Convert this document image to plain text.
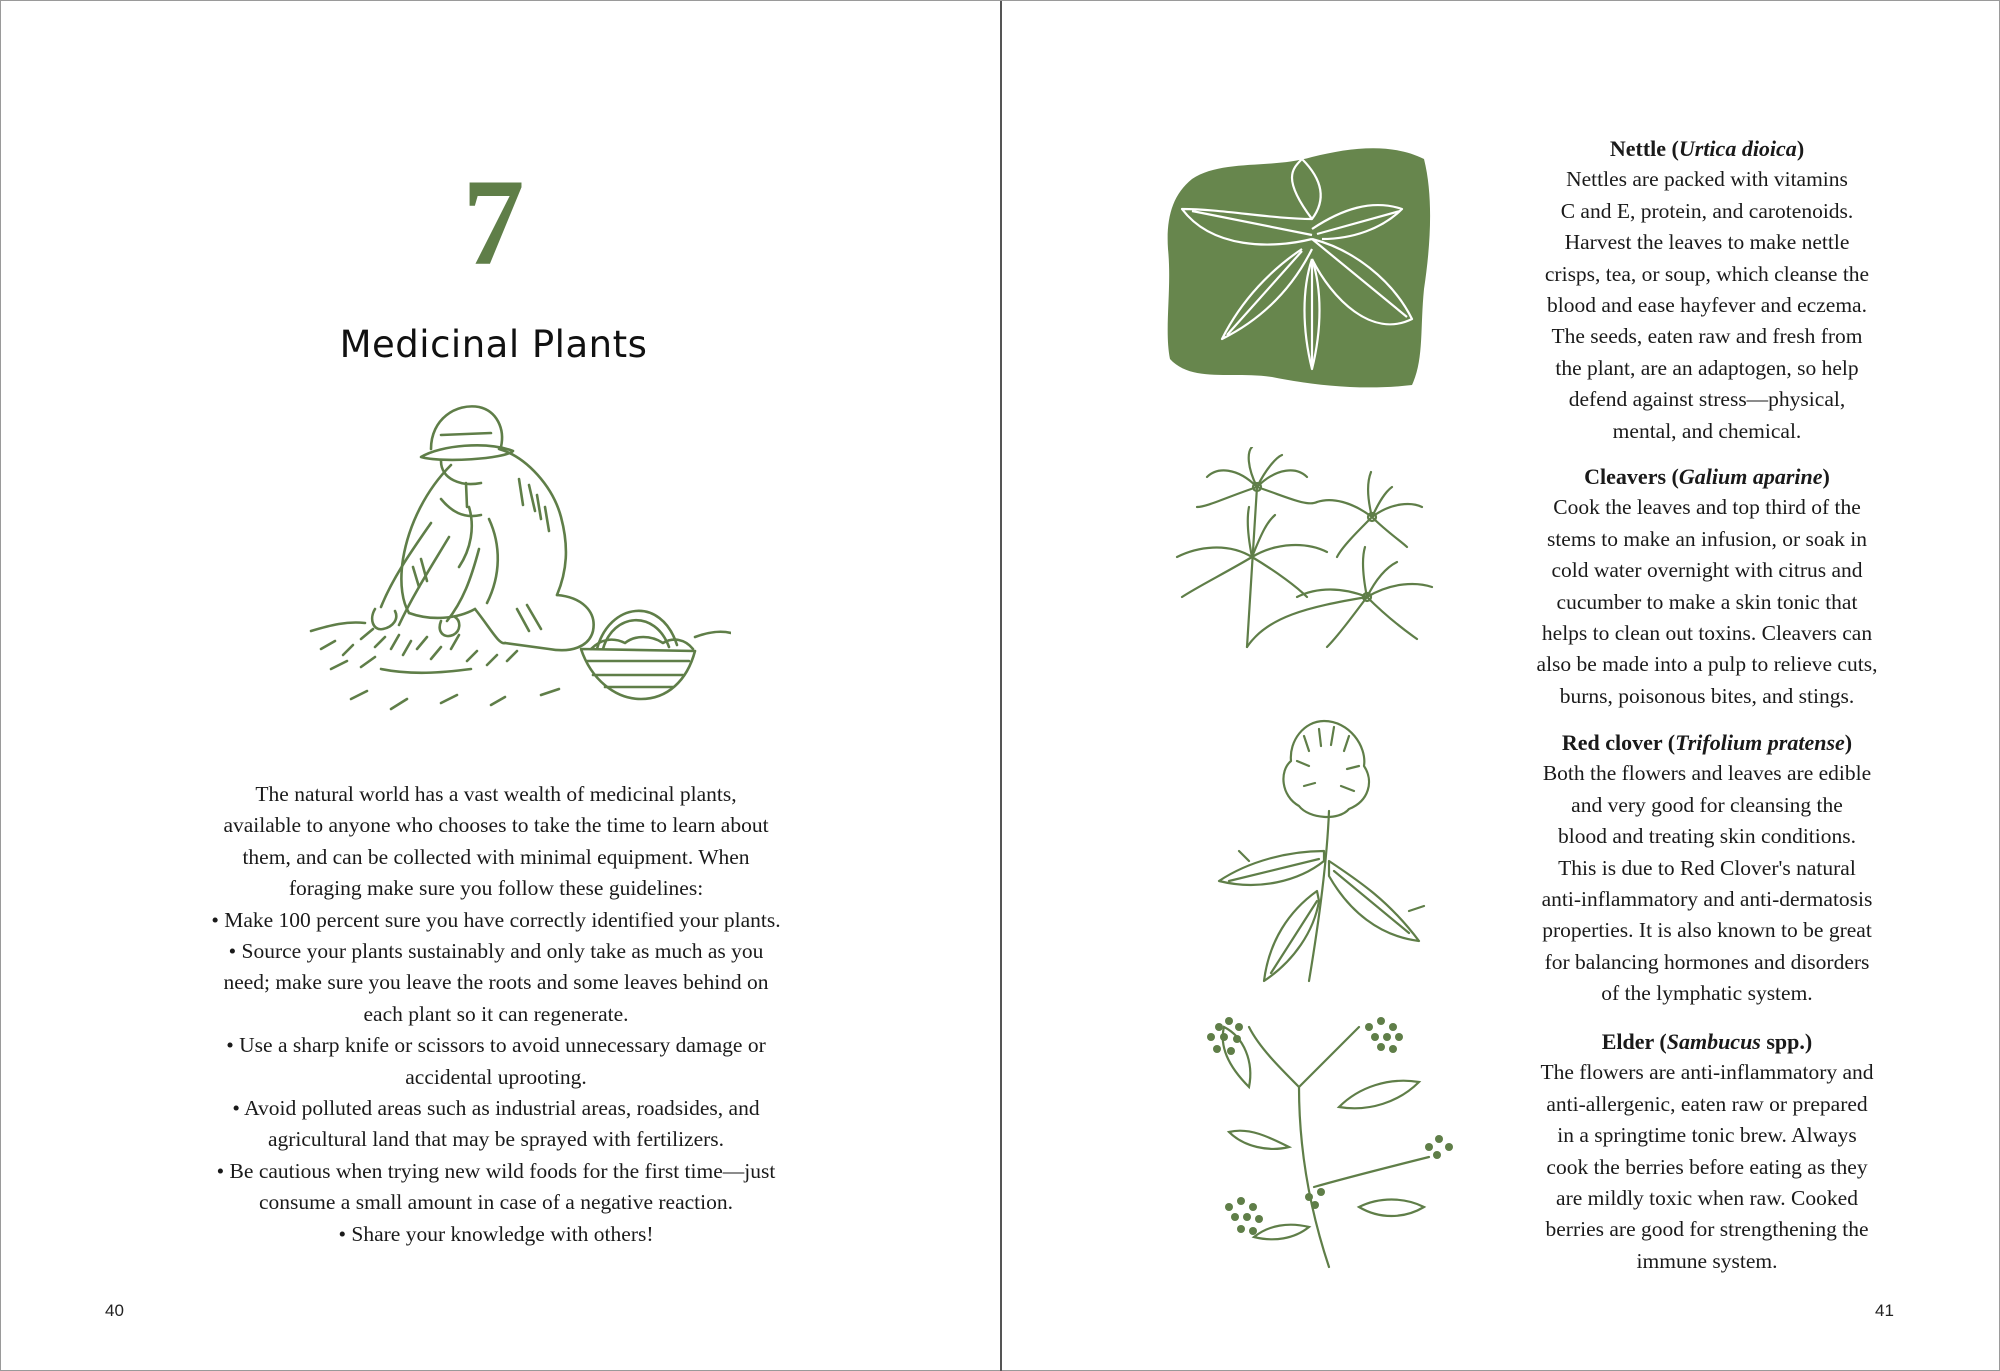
7
Medicinal Plants

The natural world has a vast wealth of medicinal plants,

available to anyone who chooses to take the time to learn about

them, and can be collected with minimal equipment. When

foraging make sure you follow these guidelines:

• Make 100 percent sure you have correctly identified your plants.

• Source your plants sustainably and only take as much as you

need; make sure you leave the roots and some leaves behind on

each plant so it can regenerate.

• Use a sharp knife or scissors to avoid unnecessary damage or

accidental uprooting.

• Avoid polluted areas such as industrial areas, roadsides, and

agricultural land that may be sprayed with fertilizers.

• Be cautious when trying new wild foods for the first time—just

consume a small amount in case of a negative reaction.

• Share your knowledge with others!

40
Nettle (Urtica dioica)

Nettles are packed with vitamins

C and E, protein, and carotenoids.

Harvest the leaves to make nettle

crisps, tea, or soup, which cleanse the

blood and ease hayfever and eczema.

The seeds, eaten raw and fresh from

the plant, are an adaptogen, so help

defend against stress—physical,

mental, and chemical.

Cleavers (Galium aparine)

Cook the leaves and top third of the

stems to make an infusion, or soak in

cold water overnight with citrus and

cucumber to make a skin tonic that

helps to clean out toxins. Cleavers can

also be made into a pulp to relieve cuts,

burns, poisonous bites, and stings.

Red clover (Trifolium pratense)

Both the flowers and leaves are edible

and very good for cleansing the

blood and treating skin conditions.

This is due to Red Clover's natural

anti-inflammatory and anti-dermatosis

properties. It is also known to be great

for balancing hormones and disorders

of the lymphatic system.

Elder (Sambucus spp.)

The flowers are anti-inflammatory and

anti-allergenic, eaten raw or prepared

in a springtime tonic brew. Always

cook the berries before eating as they

are mildly toxic when raw. Cooked

berries are good for strengthening the

immune system.

41
